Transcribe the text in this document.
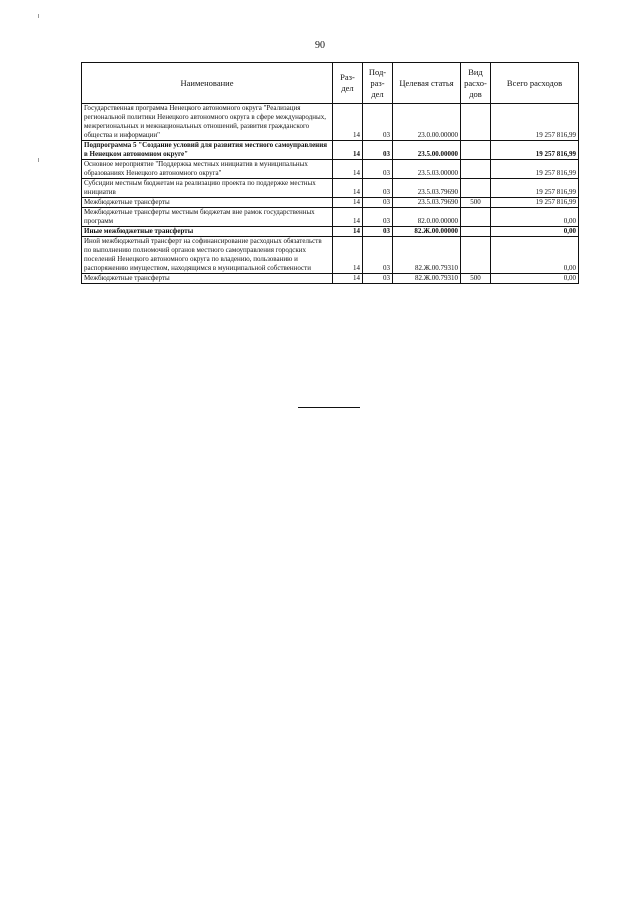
90
Наименование	Раз-дел	Под-раз-дел	Целевая статья	Вид расхо-дов	Всего расходов
Государственная программа Ненецкого автономного округа "Реализация региональной политики Ненецкого автономного округа в сфере международных, межрегиональных и межнациональных отношений, развития гражданского общества и информации"	14	03	23.0.00.00000		19 257 816,99
Подпрограмма 5 "Создание условий для развития местного самоуправления в Ненецком автономном округе"	14	03	23.5.00.00000		19 257 816,99
Основное мероприятие "Поддержка местных инициатив в муниципальных образованиях Ненецкого автономного округа"	14	03	23.5.03.00000		19 257 816,99
Субсидии местным бюджетам на реализацию проекта по поддержке местных инициатив	14	03	23.5.03.79690		19 257 816,99
Межбюджетные трансферты	14	03	23.5.03.79690	500	19 257 816,99
Межбюджетные трансферты местным бюджетам вне рамок государственных программ	14	03	82.0.00.00000		0,00
Иные межбюджетные трансферты	14	03	82.Ж.00.00000		0,00
Иной межбюджетный трансферт на софинансирование расходных обязательств по выполнению полномочий органов местного самоуправления городских поселений Ненецкого автономного округа по владению, пользованию и распоряжению имуществом, находящимся в муниципальной собственности	14	03	82.Ж.00.79310		0,00
Межбюджетные трансферты	14	03	82.Ж.00.79310	500	0,00
